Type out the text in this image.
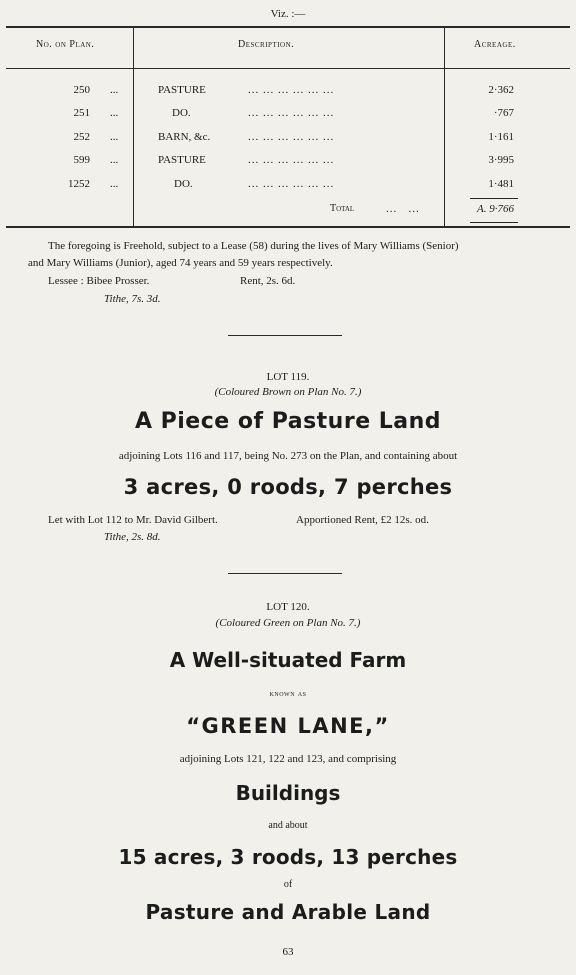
Viz. :—
No. on Plan.	Description.	Acreage.
250 ...	PASTURE	... ... ... ... ... ...	2·362
251 ...	DO.	... ... ... ... ... ...	·767
252 ...	BARN, &c.	... ... ... ... ... ...	1·161
599 ...	PASTURE	... ... ... ... ... ...	3·995
1252 ...	DO.	... ... ... ... ... ...	1·481
Total	...   ...	A. 9·766

The foregoing is Freehold, subject to a Lease (58) during the lives of Mary Williams (Senior)

and Mary Williams (Junior), aged 74 years and 59 years respectively.

Lessee : Bibee Prosser.	Rent, 2s. 6d.

Tithe, 7s. 3d.

LOT 119.
(Coloured Brown on Plan No. 7.)
A Piece of Pasture Land
adjoining Lots 116 and 117, being No. 273 on the Plan, and containing about
3 acres, 0 roods, 7 perches

Let with Lot 112 to Mr. David Gilbert.	Apportioned Rent, £2 12s. od.

Tithe, 2s. 8d.

LOT 120.
(Coloured Green on Plan No. 7.)
A Well-situated Farm
known as
“GREEN LANE,”
adjoining Lots 121, 122 and 123, and comprising
Buildings
and about
15 acres, 3 roods, 13 perches
of
Pasture and Arable Land
63
